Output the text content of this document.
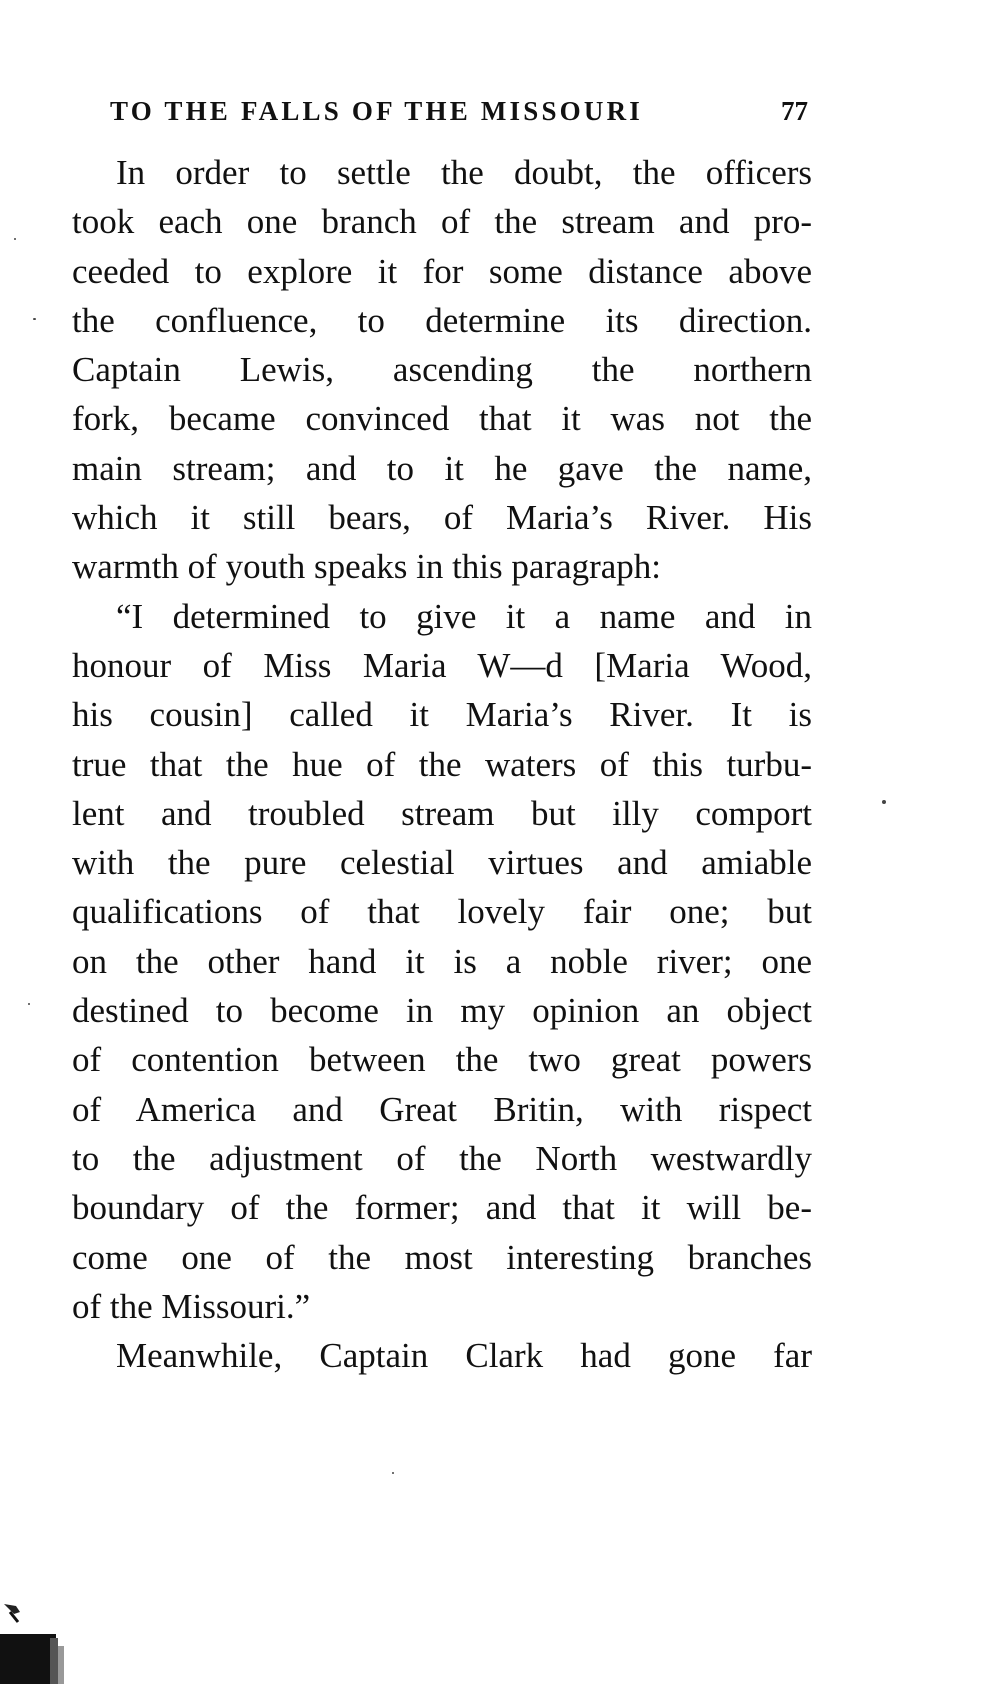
TO THE FALLS OF THE MISSOURI	77
In order to settle the doubt, the officers
took each one branch of the stream and pro-
ceeded to explore it for some distance above
the confluence, to determine its direction.
Captain Lewis, ascending the northern
fork, became convinced that it was not the
main stream; and to it he gave the name,
which it still bears, of Maria’s River. His
warmth of youth speaks in this paragraph:
“I determined to give it a name and in
honour of Miss Maria W—d [Maria Wood,
his cousin] called it Maria’s River. It is
true that the hue of the waters of this turbu-
lent and troubled stream but illy comport
with the pure celestial virtues and amiable
qualifications of that lovely fair one; but
on the other hand it is a noble river; one
destined to become in my opinion an object
of contention between the two great powers
of America and Great Britin, with rispect
to the adjustment of the North westwardly
boundary of the former; and that it will be-
come one of the most interesting branches
of the Missouri.”
Meanwhile, Captain Clark had gone far
